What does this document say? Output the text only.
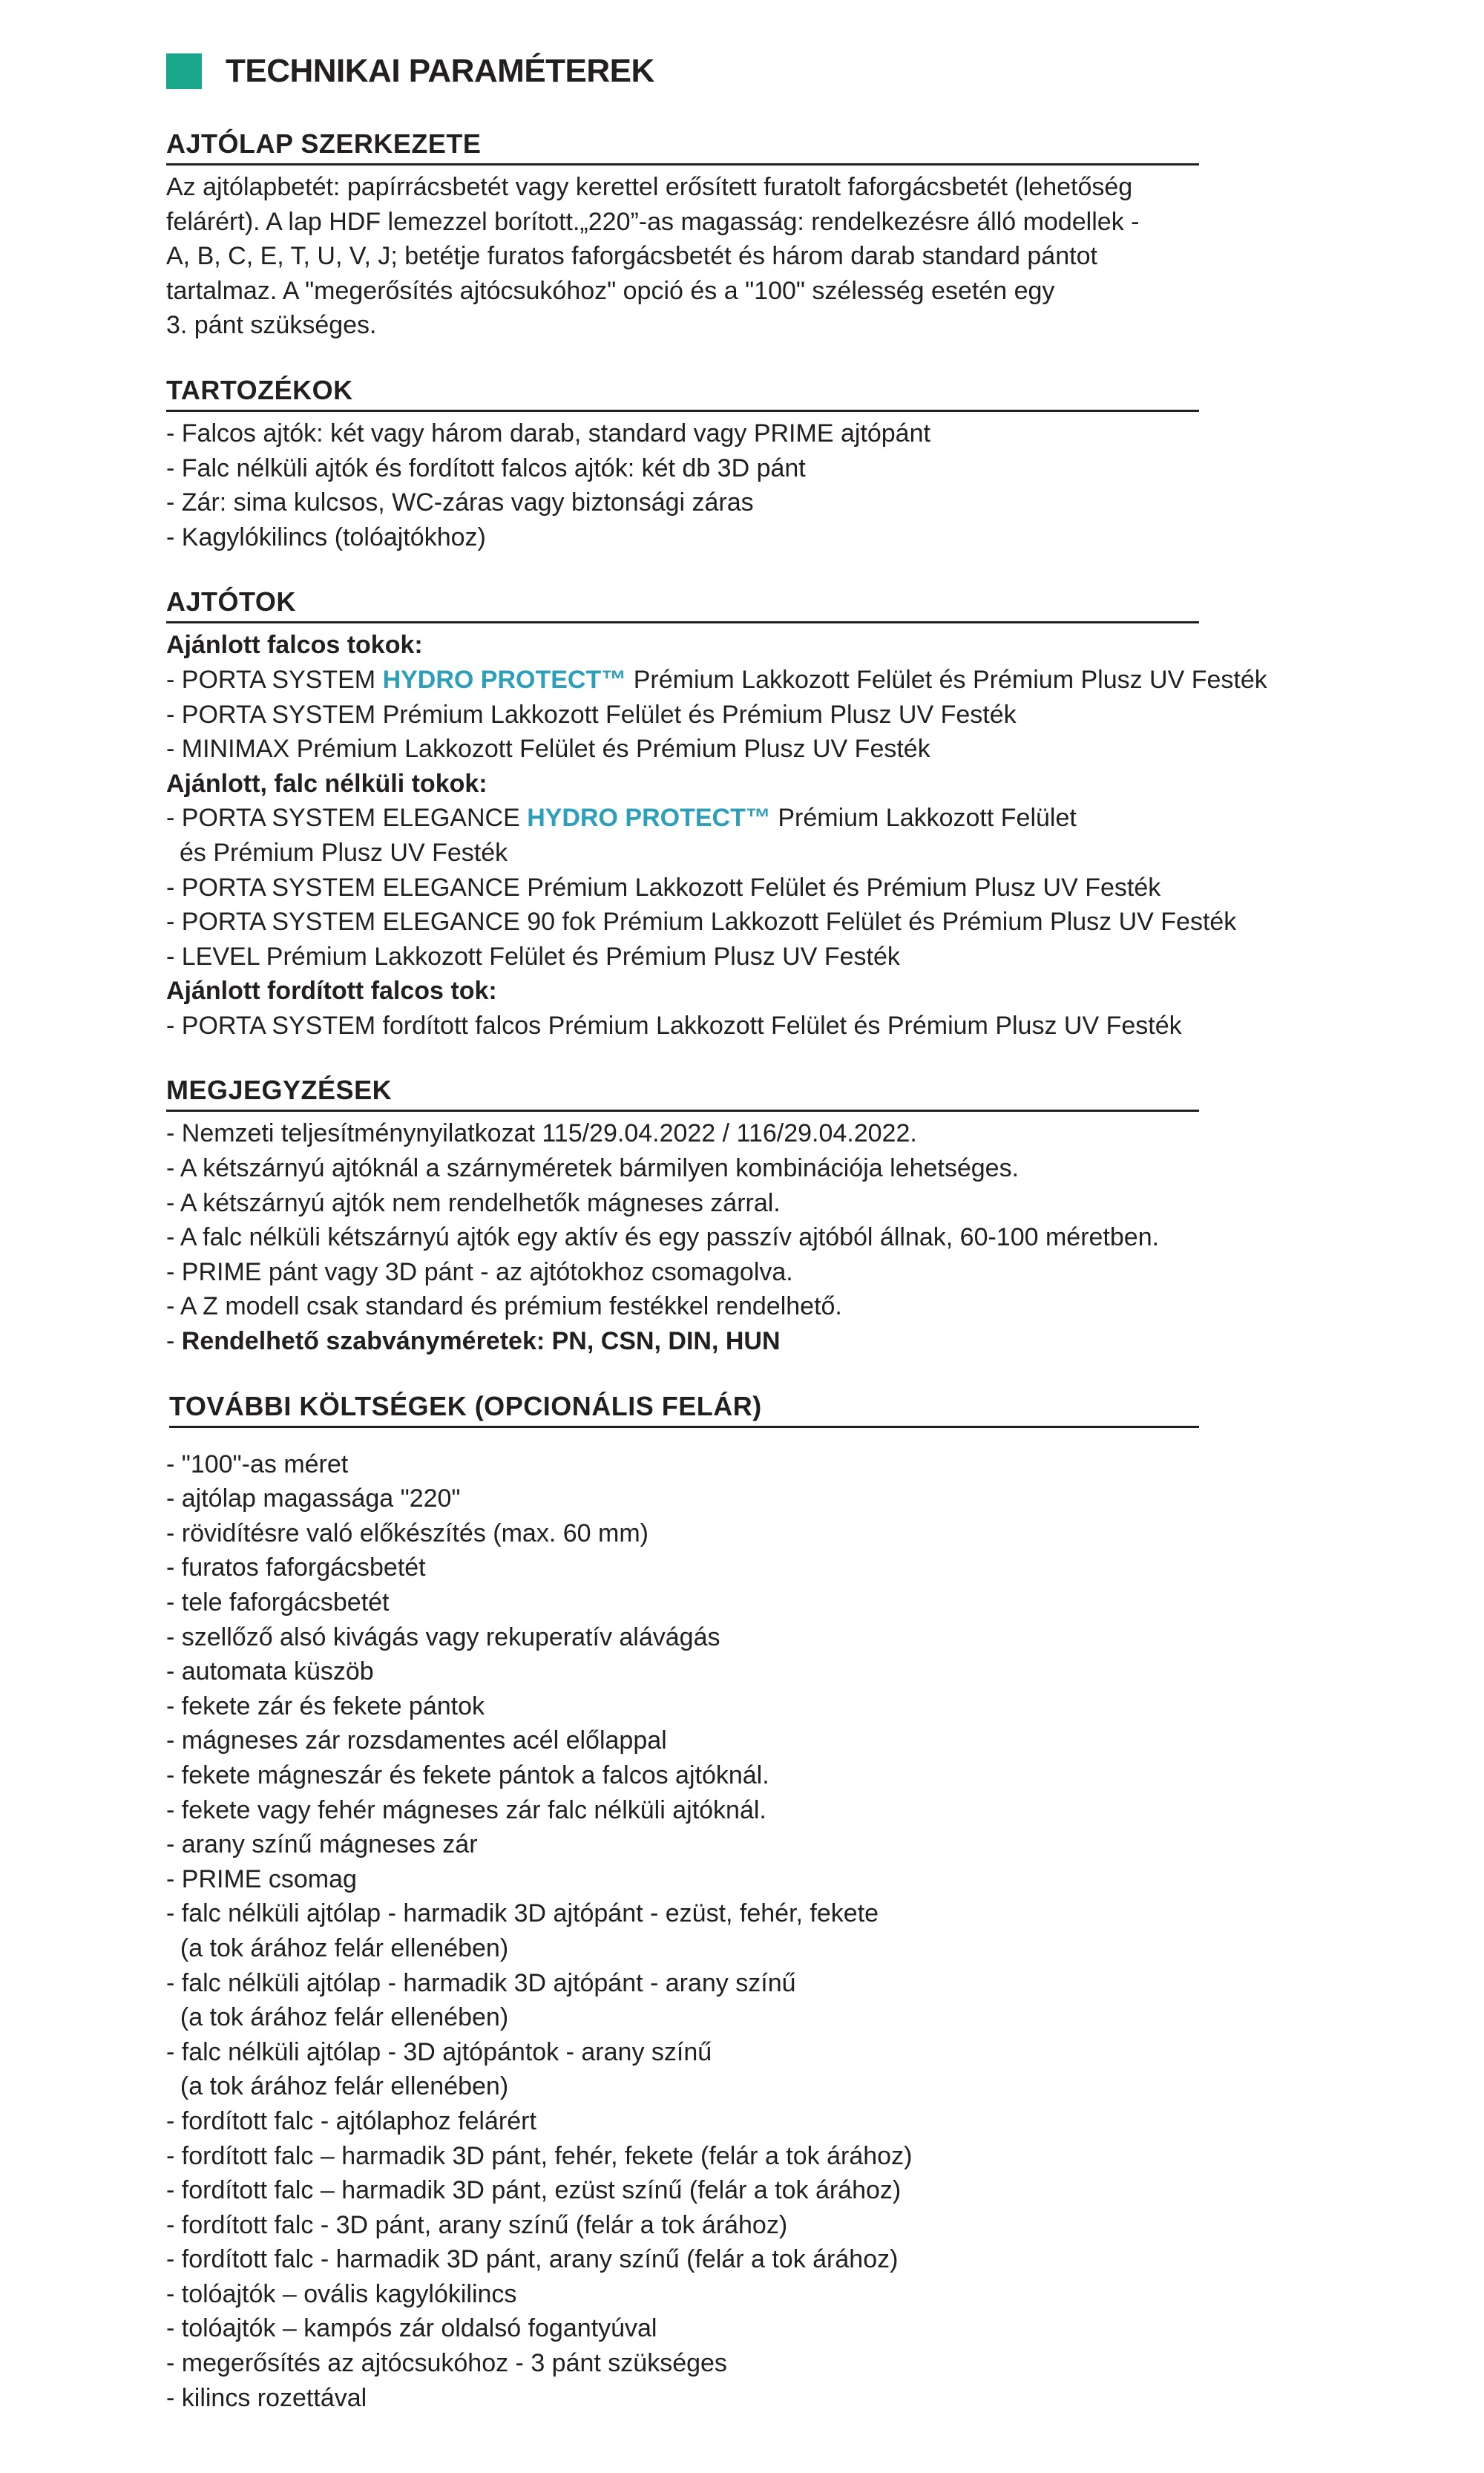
TECHNIKAI PARAMÉTEREK
AJTÓLAP SZERKEZETE
Az ajtólapbetét: papírrácsbetét vagy kerettel erősített furatolt faforgácsbetét (lehetőség
felárért). A lap HDF lemezzel borított.„220”-as magasság: rendelkezésre álló modellek -
A, B, C, E, T, U, V, J; betétje furatos faforgácsbetét és három darab standard pántot
tartalmaz. A "megerősítés ajtócsukóhoz" opció és a "100" szélesség esetén egy
3. pánt szükséges.
TARTOZÉKOK
- Falcos ajtók: két vagy három darab, standard vagy PRIME ajtópánt
- Falc nélküli ajtók és fordított falcos ajtók: két db 3D pánt
- Zár: sima kulcsos, WC-záras vagy biztonsági záras
- Kagylókilincs (tolóajtókhoz)
AJTÓTOK
Ajánlott falcos tokok:
- PORTA SYSTEM HYDRO PROTECT™ Prémium Lakkozott Felület és Prémium Plusz UV Festék
- PORTA SYSTEM Prémium Lakkozott Felület és Prémium Plusz UV Festék
- MINIMAX Prémium Lakkozott Felület és Prémium Plusz UV Festék
Ajánlott, falc nélküli tokok:
- PORTA SYSTEM ELEGANCE HYDRO PROTECT™ Prémium Lakkozott Felület
és Prémium Plusz UV Festék
- PORTA SYSTEM ELEGANCE Prémium Lakkozott Felület és Prémium Plusz UV Festék
- PORTA SYSTEM ELEGANCE 90 fok Prémium Lakkozott Felület és Prémium Plusz UV Festék
- LEVEL Prémium Lakkozott Felület és Prémium Plusz UV Festék
Ajánlott fordított falcos tok:
- PORTA SYSTEM fordított falcos Prémium Lakkozott Felület és Prémium Plusz UV Festék
MEGJEGYZÉSEK
- Nemzeti teljesítménynyilatkozat 115/29.04.2022 / 116/29.04.2022.
- A kétszárnyú ajtóknál a szárnyméretek bármilyen kombinációja lehetséges.
- A kétszárnyú ajtók nem rendelhetők mágneses zárral.
- A falc nélküli kétszárnyú ajtók egy aktív és egy passzív ajtóból állnak, 60-100 méretben.
- PRIME pánt vagy 3D pánt - az ajtótokhoz csomagolva.
- A Z modell csak standard és prémium festékkel rendelhető.
- Rendelhető szabványméretek: PN, CSN, DIN, HUN
TOVÁBBI KÖLTSÉGEK (OPCIONÁLIS FELÁR)
- "100"-as méret
- ajtólap magassága "220"
- rövidítésre való előkészítés (max. 60 mm)
- furatos faforgácsbetét
- tele faforgácsbetét
- szellőző alsó kivágás vagy rekuperatív alávágás
- automata küszöb
- fekete zár és fekete pántok
- mágneses zár rozsdamentes acél előlappal
- fekete mágneszár és fekete pántok a falcos ajtóknál.
- fekete vagy fehér mágneses zár falc nélküli ajtóknál.
- arany színű mágneses zár
- PRIME csomag
- falc nélküli ajtólap - harmadik 3D ajtópánt - ezüst, fehér, fekete
(a tok árához felár ellenében)
- falc nélküli ajtólap - harmadik 3D ajtópánt - arany színű
(a tok árához felár ellenében)
- falc nélküli ajtólap - 3D ajtópántok - arany színű
(a tok árához felár ellenében)
- fordított falc - ajtólaphoz felárért
- fordított falc – harmadik 3D pánt, fehér, fekete (felár a tok árához)
- fordított falc – harmadik 3D pánt, ezüst színű (felár a tok árához)
- fordított falc - 3D pánt, arany színű (felár a tok árához)
- fordított falc - harmadik 3D pánt, arany színű (felár a tok árához)
- tolóajtók – ovális kagylókilincs
- tolóajtók – kampós zár oldalsó fogantyúval
- megerősítés az ajtócsukóhoz - 3 pánt szükséges
- kilincs rozettával
